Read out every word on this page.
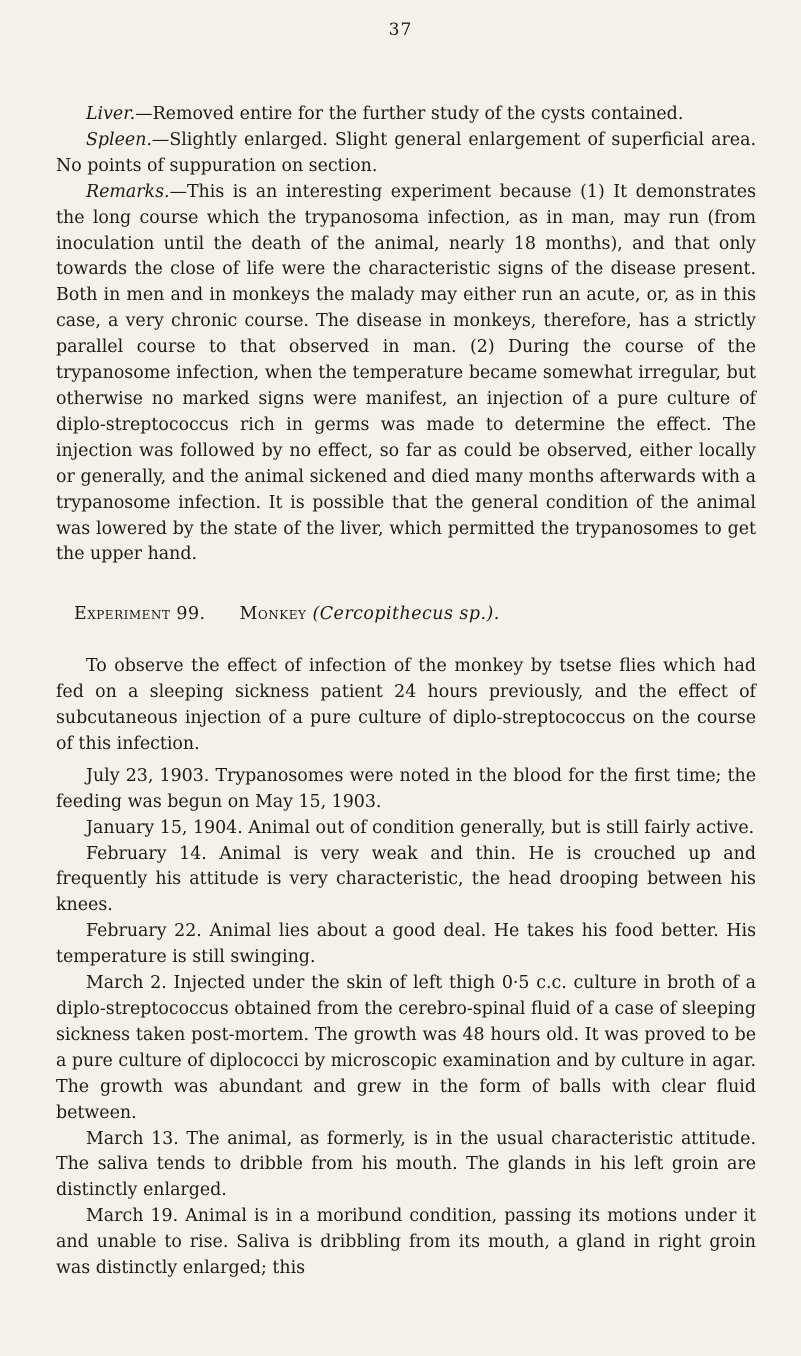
37

Liver.—Removed entire for the further study of the cysts contained.

Spleen.—Slightly enlarged. Slight general enlargement of superficial area. No points of suppuration on section.

Remarks.—This is an interesting experiment because (1) It demonstrates the long course which the trypanosoma infection, as in man, may run (from inoculation until the death of the animal, nearly 18 months), and that only towards the close of life were the characteristic signs of the disease present. Both in men and in monkeys the malady may either run an acute, or, as in this case, a very chronic course. The disease in monkeys, therefore, has a strictly parallel course to that observed in man. (2) During the course of the trypanosome infection, when the temperature became somewhat irregular, but otherwise no marked signs were manifest, an injection of a pure culture of diplo-streptococcus rich in germs was made to determine the effect. The injection was followed by no effect, so far as could be observed, either locally or generally, and the animal sickened and died many months afterwards with a trypanosome infection. It is possible that the general condition of the animal was lowered by the state of the liver, which permitted the trypanosomes to get the upper hand.

Experiment 99. Monkey (Cercopithecus sp.).

To observe the effect of infection of the monkey by tsetse flies which had fed on a sleeping sickness patient 24 hours previously, and the effect of subcutaneous injection of a pure culture of diplo-streptococcus on the course of this infection.

July 23, 1903. Trypanosomes were noted in the blood for the first time; the feeding was begun on May 15, 1903.

January 15, 1904. Animal out of condition generally, but is still fairly active.

February 14. Animal is very weak and thin. He is crouched up and frequently his attitude is very characteristic, the head drooping between his knees.

February 22. Animal lies about a good deal. He takes his food better. His temperature is still swinging.

March 2. Injected under the skin of left thigh 0·5 c.c. culture in broth of a diplo-streptococcus obtained from the cerebro-spinal fluid of a case of sleeping sickness taken post-mortem. The growth was 48 hours old. It was proved to be a pure culture of diplococci by microscopic examination and by culture in agar. The growth was abundant and grew in the form of balls with clear fluid between.

March 13. The animal, as formerly, is in the usual characteristic attitude. The saliva tends to dribble from his mouth. The glands in his left groin are distinctly enlarged.

March 19. Animal is in a moribund condition, passing its motions under it and unable to rise. Saliva is dribbling from its mouth, a gland in right groin was distinctly enlarged; this
